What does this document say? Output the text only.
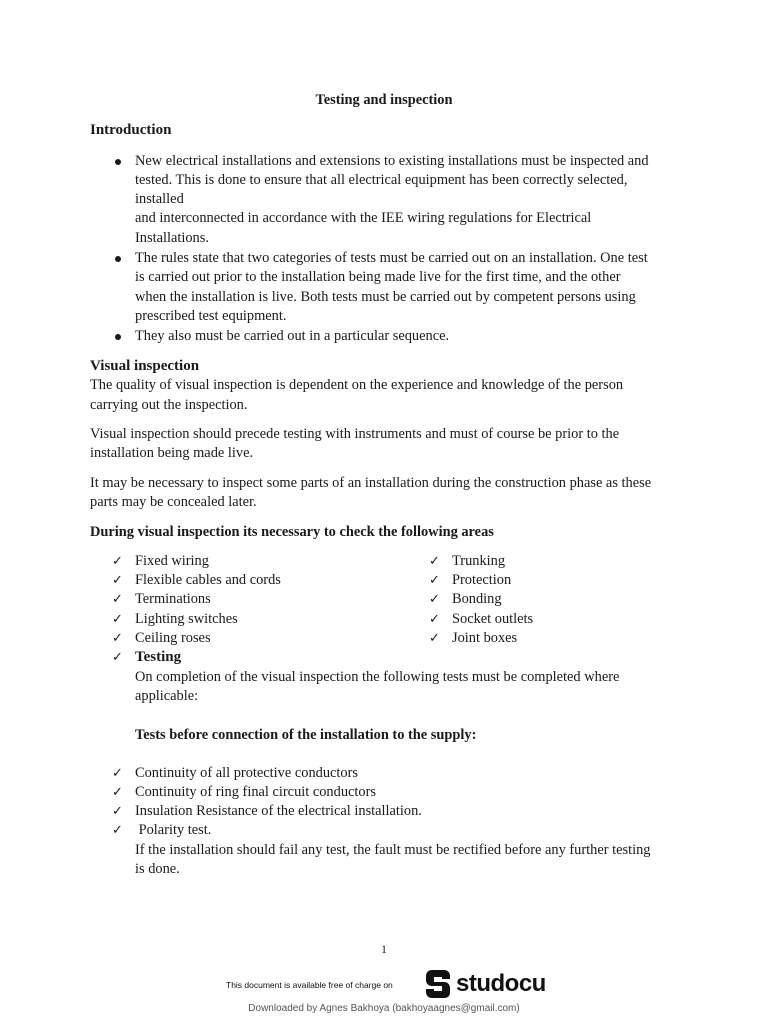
Testing and inspection
Introduction
New electrical installations and extensions to existing installations must be inspected and
tested. This is done to ensure that all electrical equipment has been correctly selected,
installed
and interconnected in accordance with the IEE wiring regulations for Electrical
Installations.
The rules state that two categories of tests must be carried out on an installation. One test
is carried out prior to the installation being made live for the first time, and the other
when the installation is live. Both tests must be carried out by competent persons using
prescribed test equipment.
They also must be carried out in a particular sequence.
Visual inspection
The quality of visual inspection is dependent on the experience and knowledge of the person
carrying out the inspection.
Visual inspection should precede testing with instruments and must of course be prior to the
installation being made live.
It may be necessary to inspect some parts of an installation during the construction phase as these
parts may be concealed later.
During visual inspection its necessary to check the following areas
✓ Fixed wiring
✓ Flexible cables and cords
✓ Terminations
✓ Lighting switches
✓ Ceiling roses
✓ Trunking
✓ Protection
✓ Bonding
✓ Socket outlets
✓ Joint boxes
✓ Testing
On completion of the visual inspection the following tests must be completed where
applicable:
Tests before connection of the installation to the supply:
✓ Continuity of all protective conductors
✓ Continuity of ring final circuit conductors
✓ Insulation Resistance of the electrical installation.
✓ Polarity test.
If the installation should fail any test, the fault must be rectified before any further testing
is done.
1
This document is available free of charge on	studocu
Downloaded by Agnes Bakhoya (bakhoyaagnes@gmail.com)
